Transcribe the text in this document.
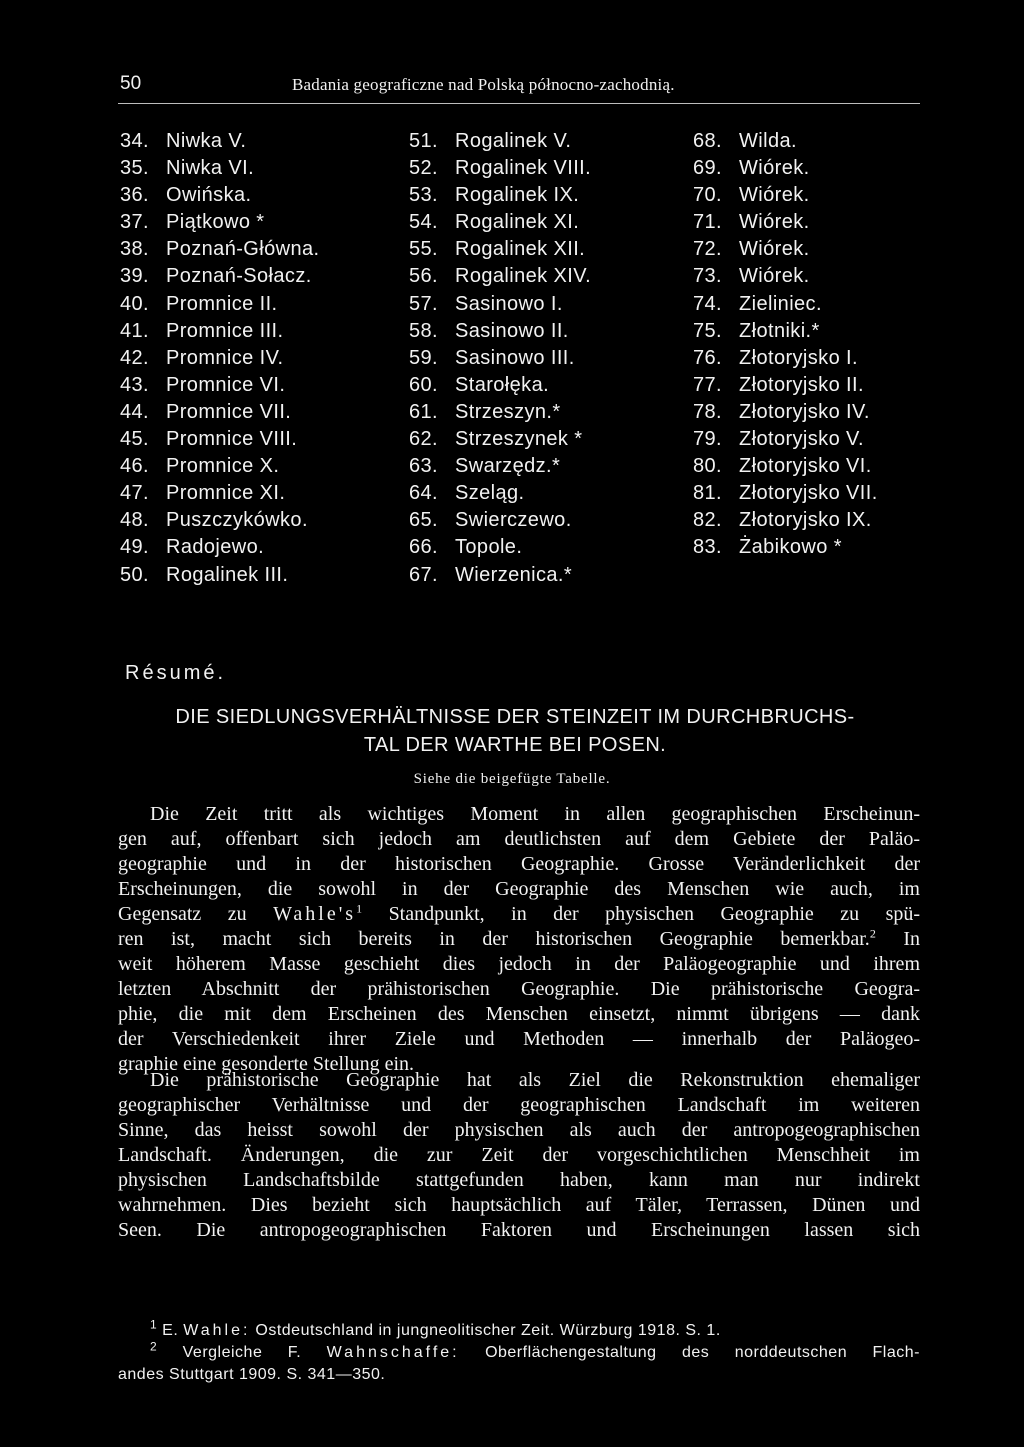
50	Badania geograficzne nad Polską północno-zachodnią.
34. Niwka V.
35. Niwka VI.
36. Owińska.
37. Piątkowo *
38. Poznań-Główna.
39. Poznań-Sołacz.
40. Promnice II.
41. Promnice III.
42. Promnice IV.
43. Promnice VI.
44. Promnice VII.
45. Promnice VIII.
46. Promnice X.
47. Promnice XI.
48. Puszczykówko.
49. Radojewo.
50. Rogalinek III.
51. Rogalinek V.
52. Rogalinek VIII.
53. Rogalinek IX.
54. Rogalinek XI.
55. Rogalinek XII.
56. Rogalinek XIV.
57. Sasinowo I.
58. Sasinowo II.
59. Sasinowo III.
60. Starołęka.
61. Strzeszyn.*
62. Strzeszynek *
63. Swarzędz.*
64. Szeląg.
65. Swierczewo.
66. Topole.
67. Wierzenica.*
68. Wilda.
69. Wiórek.
70. Wiórek.
71. Wiórek.
72. Wiórek.
73. Wiórek.
74. Zieliniec.
75. Złotniki.*
76. Złotoryjsko I.
77. Złotoryjsko II.
78. Złotoryjsko IV.
79. Złotoryjsko V.
80. Złotoryjsko VI.
81. Złotoryjsko VII.
82. Złotoryjsko IX.
83. Żabikowo *
Résumé.
DIE SIEDLUNGSVERHÄLTNISSE DER STEINZEIT IM DURCHBRUCHS-
TAL DER WARTHE BEI POSEN.
Siehe die beigefügte Tabelle.
Die Zeit tritt als wichtiges Moment in allen geographischen Erscheinun-
gen auf, offenbart sich jedoch am deutlichsten auf dem Gebiete der Paläo-
geographie und in der historischen Geographie. Grosse Veränderlichkeit der
Erscheinungen, die sowohl in der Geographie des Menschen wie auch, im
Gegensatz zu $Wahle's^1$ Standpunkt, in der physischen Geographie zu spü-
ren ist, macht sich bereits in der historischen Geographie bemerkbar.$^2$ In
weit höherem Masse geschieht dies jedoch in der Paläogeographie und ihrem
letzten Abschnitt der prähistorischen Geographie. Die prähistorische Geogra-
phie, die mit dem Erscheinen des Menschen einsetzt, nimmt übrigens — dank
der Verschiedenkeit ihrer Ziele und Methoden — innerhalb der Paläogeo-
graphie eine gesonderte Stellung ein.
Die prähistorische Geographie hat als Ziel die Rekonstruktion ehemaliger
geographischer Verhältnisse und der geographischen Landschaft im weiteren
Sinne, das heisst sowohl der physischen als auch der antropogeographischen
Landschaft. Änderungen, die zur Zeit der vorgeschichtlichen Menschheit im
physischen Landschaftsbilde stattgefunden haben, kann man nur indirekt
wahrnehmen. Dies bezieht sich hauptsächlich auf Täler, Terrassen, Dünen und
Seen. Die antropogeographischen Faktoren und Erscheinungen lassen sich
$^1$ E. Wahle: Ostdeutschland in jungneolitischer Zeit. Würzburg 1918. S. 1.
$^2$ Vergleiche F. Wahnschaffe: Oberflächengestaltung des norddeutschen Flach-
andes Stuttgart 1909. S. 341—350.
